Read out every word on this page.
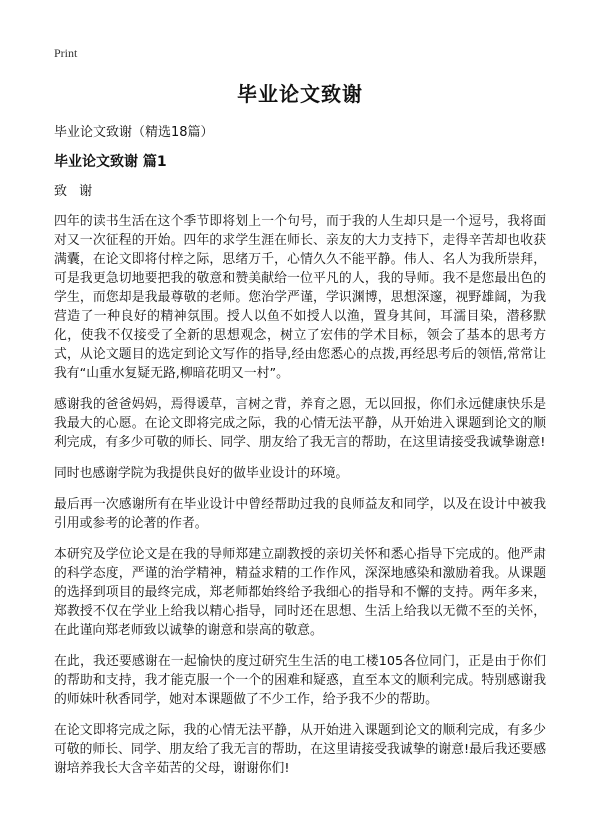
Print
毕业论文致谢
毕业论文致谢（精选18篇）
毕业论文致谢 篇1
致 谢

四年的读书生活在这个季节即将划上一个句号，而于我的人生却只是一个逗号，我将面对又一次征程的开始。四年的求学生涯在师长、亲友的大力支持下，走得辛苦却也收获满囊，在论文即将付梓之际，思绪万千，心情久久不能平静。伟人、名人为我所崇拜，可是我更急切地要把我的敬意和赞美献给一位平凡的人，我的导师。我不是您最出色的学生，而您却是我最尊敬的老师。您治学严谨，学识渊博，思想深邃，视野雄阔，为我营造了一种良好的精神氛围。授人以鱼不如授人以渔，置身其间，耳濡目染，潜移默化，使我不仅接受了全新的思想观念，树立了宏伟的学术目标，领会了基本的思考方式，从论文题目的选定到论文写作的指导,经由您悉心的点拨,再经思考后的领悟,常常让我有“山重水复疑无路,柳暗花明又一村”。

感谢我的爸爸妈妈，焉得谖草，言树之背，养育之恩，无以回报，你们永远健康快乐是我最大的心愿。在论文即将完成之际，我的心情无法平静，从开始进入课题到论文的顺利完成，有多少可敬的师长、同学、朋友给了我无言的帮助，在这里请接受我诚挚谢意!

同时也感谢学院为我提供良好的做毕业设计的环境。

最后再一次感谢所有在毕业设计中曾经帮助过我的良师益友和同学，以及在设计中被我引用或参考的论著的作者。

本研究及学位论文是在我的导师郑建立副教授的亲切关怀和悉心指导下完成的。他严肃的科学态度，严谨的治学精神，精益求精的工作作风，深深地感染和激励着我。从课题的选择到项目的最终完成，郑老师都始终给予我细心的指导和不懈的支持。两年多来，郑教授不仅在学业上给我以精心指导，同时还在思想、生活上给我以无微不至的关怀，在此谨向郑老师致以诚挚的谢意和崇高的敬意。

在此，我还要感谢在一起愉快的度过研究生生活的电工楼105各位同门，正是由于你们的帮助和支持，我才能克服一个一个的困难和疑惑，直至本文的顺利完成。特别感谢我的师妹叶秋香同学，她对本课题做了不少工作，给予我不少的帮助。

在论文即将完成之际，我的心情无法平静，从开始进入课题到论文的顺利完成，有多少可敬的师长、同学、朋友给了我无言的帮助，在这里请接受我诚挚的谢意!最后我还要感谢培养我长大含辛茹苦的父母，谢谢你们!
